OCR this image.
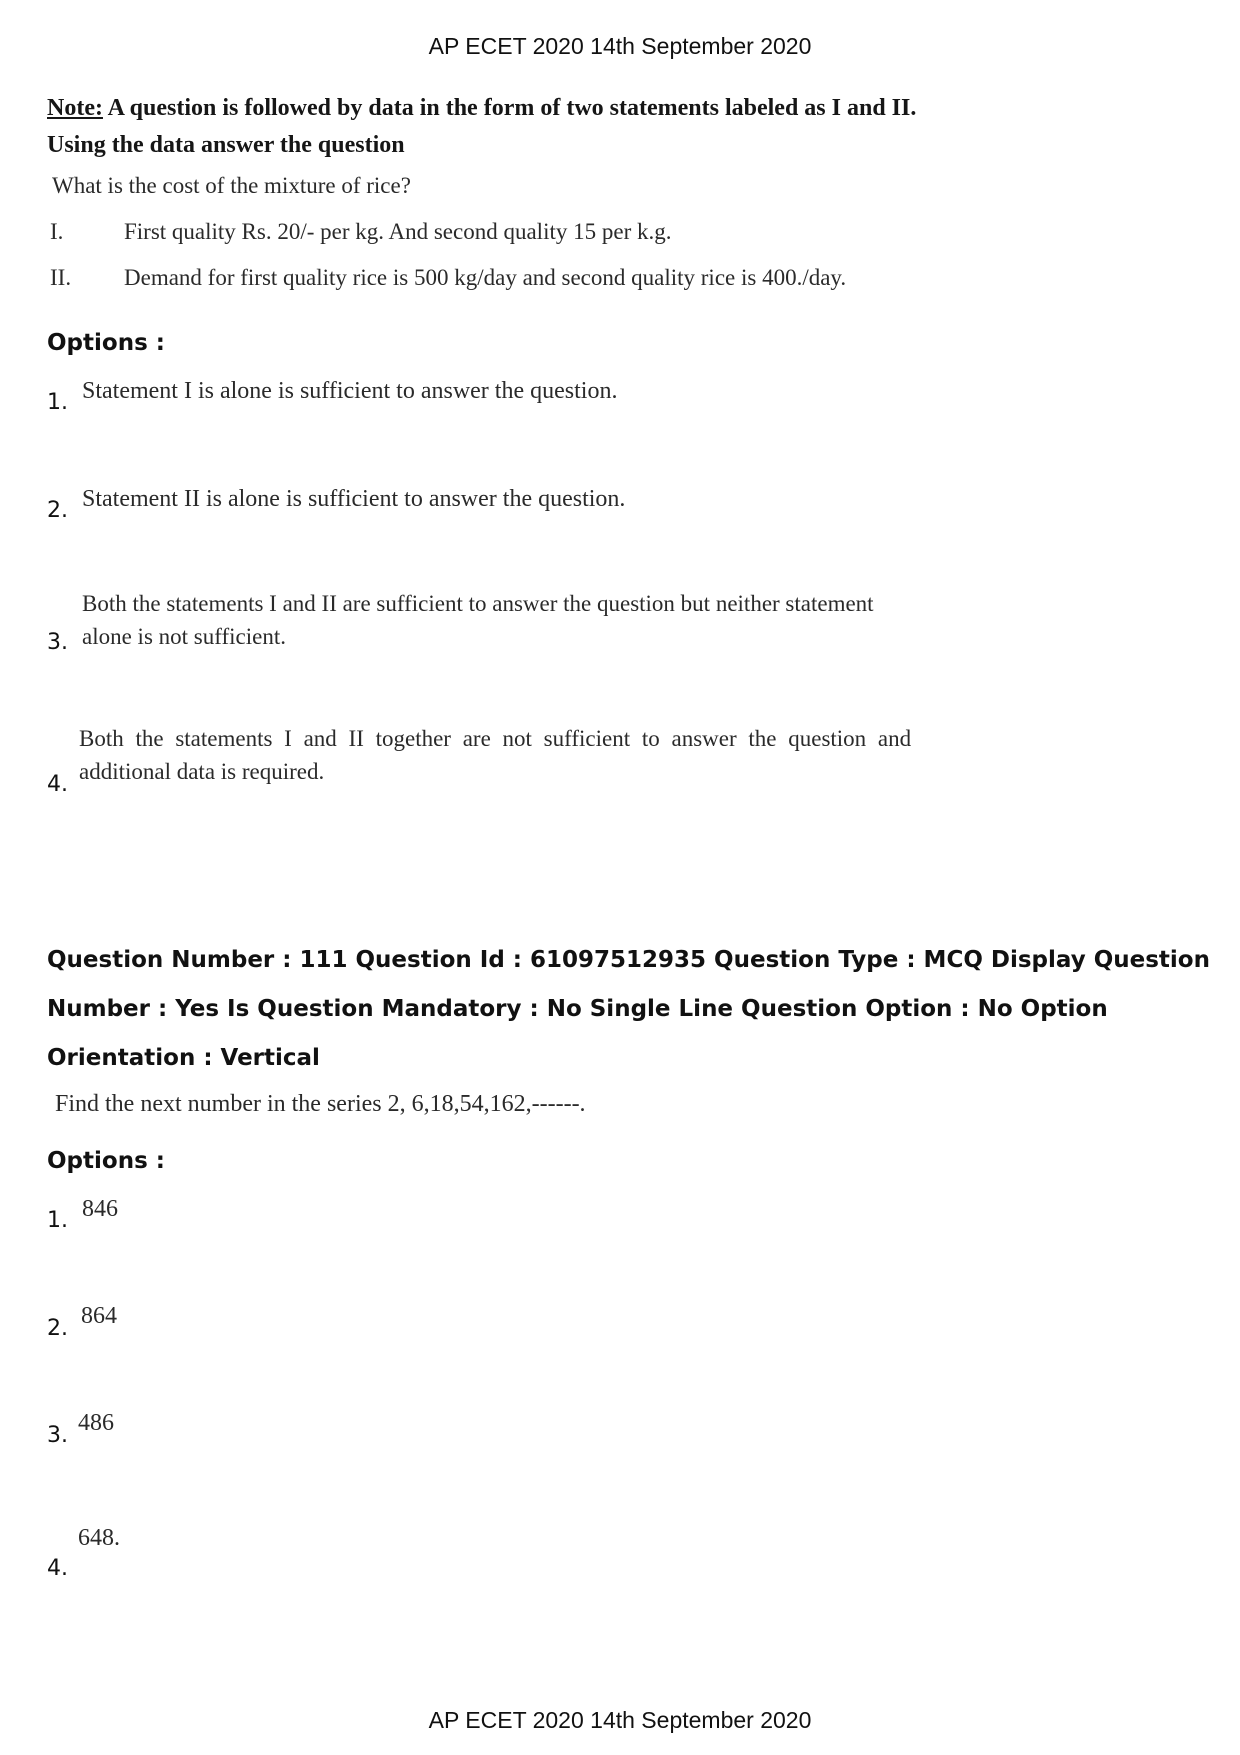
AP ECET 2020 14th September 2020
Note: A question is followed by data in the form of two statements labeled as I and II.
Using the data answer the question
What is the cost of the mixture of rice?
I.	First quality Rs. 20/- per kg. And second quality 15 per k.g.
II. Demand for first quality rice is 500 kg/day and second quality rice is 400./day.
Options :
1. Statement I is alone is sufficient to answer the question.
2. Statement II is alone is sufficient to answer the question.
3.
Both the statements I and II are sufficient to answer the question but neither statement
alone is not sufficient.
4.
Both the statements I and II together are not sufficient to answer the question and
additional data is required.
Question Number : 111 Question Id : 61097512935 Question Type : MCQ Display Question
Number : Yes Is Question Mandatory : No Single Line Question Option : No Option
Orientation : Vertical
Find the next number in the series 2, 6,18,54,162,------.
Options :
1. 846
2. 864
3. 486
4.
648.
AP ECET 2020 14th September 2020
